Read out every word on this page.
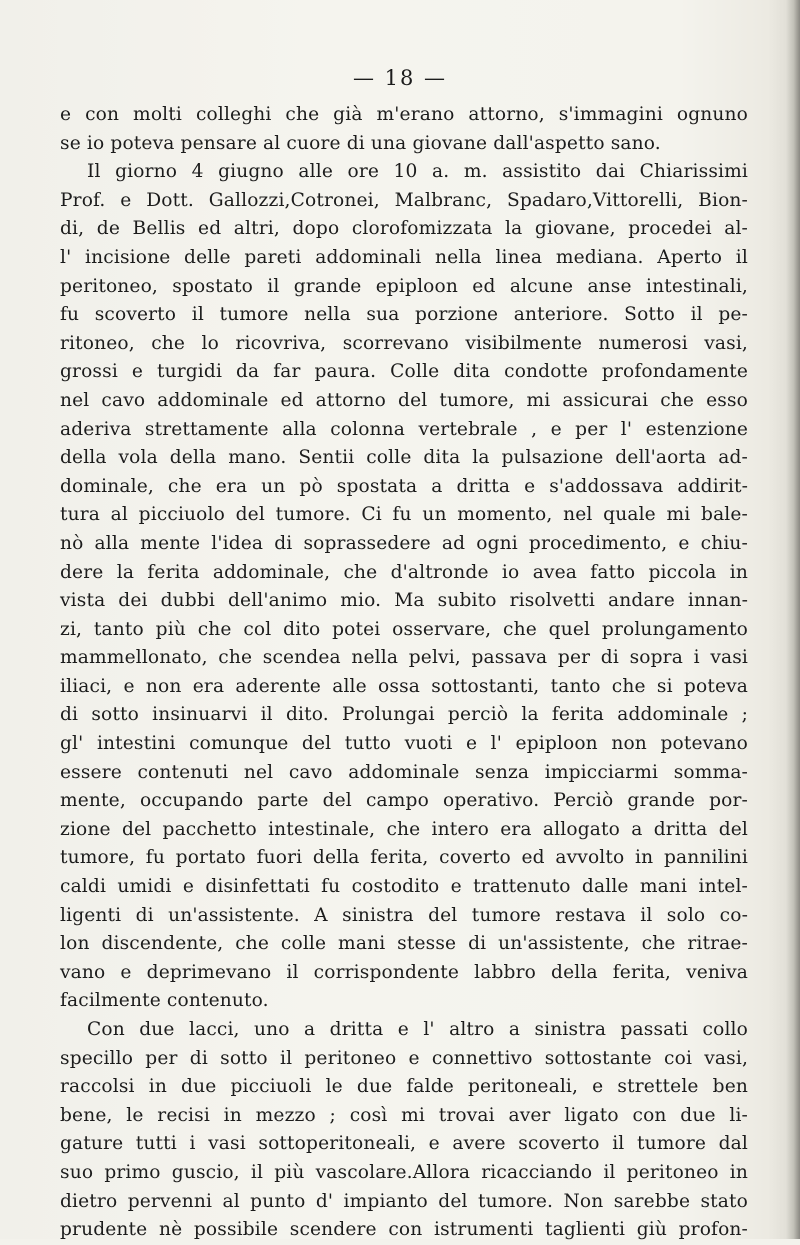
— 18 —
e con molti colleghi che già m'erano attorno, s'immagini ognuno
se io poteva pensare al cuore di una giovane dall'aspetto sano.
Il giorno 4 giugno alle ore 10 a. m. assistito dai Chiarissimi
Prof. e Dott. Gallozzi,Cotronei, Malbranc, Spadaro,Vittorelli, Bion-
di, de Bellis ed altri, dopo clorofomizzata la giovane, procedei al-
l' incisione delle pareti addominali nella linea mediana. Aperto il
peritoneo, spostato il grande epiploon ed alcune anse intestinali,
fu scoverto il tumore nella sua porzione anteriore. Sotto il pe-
ritoneo, che lo ricovriva, scorrevano visibilmente numerosi vasi,
grossi e turgidi da far paura. Colle dita condotte profondamente
nel cavo addominale ed attorno del tumore, mi assicurai che esso
aderiva strettamente alla colonna vertebrale , e per l' estenzione
della vola della mano. Sentii colle dita la pulsazione dell'aorta ad-
dominale, che era un pò spostata a dritta e s'addossava addirit-
tura al picciuolo del tumore. Ci fu un momento, nel quale mi bale-
nò alla mente l'idea di soprassedere ad ogni procedimento, e chiu-
dere la ferita addominale, che d'altronde io avea fatto piccola in
vista dei dubbi dell'animo mio. Ma subito risolvetti andare innan-
zi, tanto più che col dito potei osservare, che quel prolungamento
mammellonato, che scendea nella pelvi, passava per di sopra i vasi
iliaci, e non era aderente alle ossa sottostanti, tanto che si poteva
di sotto insinuarvi il dito. Prolungai perciò la ferita addominale ;
gl' intestini comunque del tutto vuoti e l' epiploon non potevano
essere contenuti nel cavo addominale senza impicciarmi somma-
mente, occupando parte del campo operativo. Perciò grande por-
zione del pacchetto intestinale, che intero era allogato a dritta del
tumore, fu portato fuori della ferita, coverto ed avvolto in pannilini
caldi umidi e disinfettati fu costodito e trattenuto dalle mani intel-
ligenti di un'assistente. A sinistra del tumore restava il solo co-
lon discendente, che colle mani stesse di un'assistente, che ritrae-
vano e deprimevano il corrispondente labbro della ferita, veniva
facilmente contenuto.
Con due lacci, uno a dritta e l' altro a sinistra passati collo
specillo per di sotto il peritoneo e connettivo sottostante coi vasi,
raccolsi in due picciuoli le due falde peritoneali, e strettele ben
bene, le recisi in mezzo ; così mi trovai aver ligato con due li-
gature tutti i vasi sottoperitoneali, e avere scoverto il tumore dal
suo primo guscio, il più vascolare.Allora ricacciando il peritoneo in
dietro pervenni al punto d' impianto del tumore. Non sarebbe stato
prudente nè possibile scendere con istrumenti taglienti giù profon-
